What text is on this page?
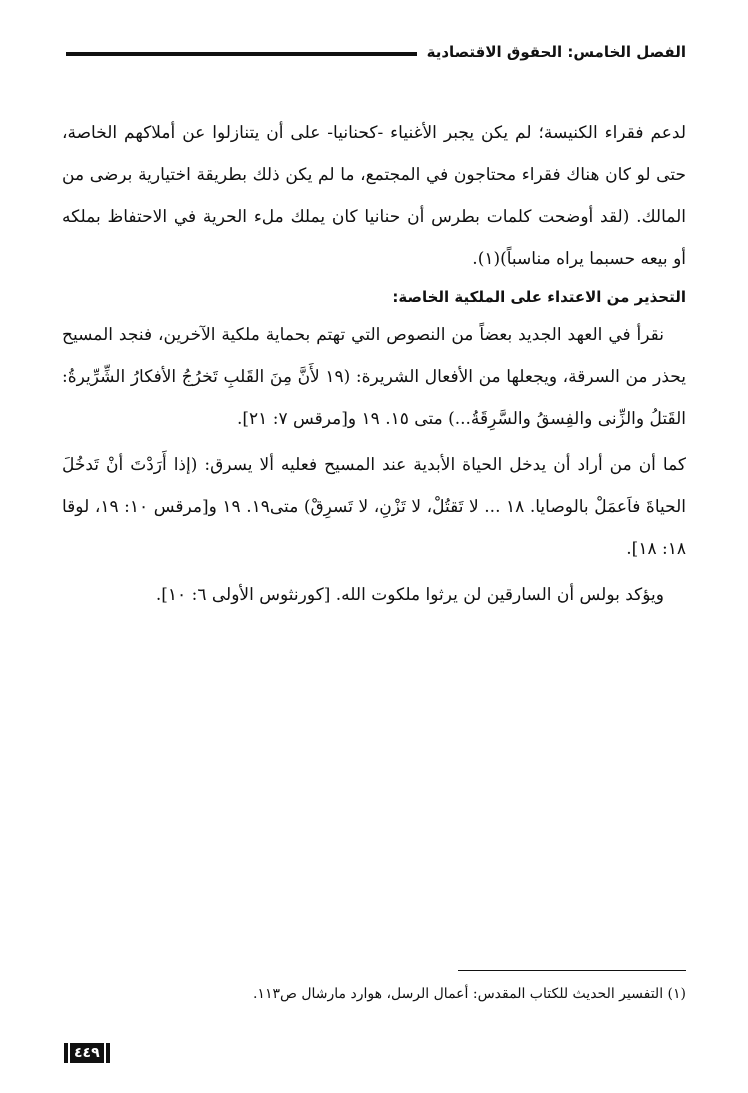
الفصل الخامس: الحقوق الاقتصادية

لدعم فقراء الكنيسة؛ لم يكن يجبر الأغنياء -كحنانيا- على أن يتنازلوا عن أملاكهم الخاصة، حتى لو كان هناك فقراء محتاجون في المجتمع، ما لم يكن ذلك بطريقة اختيارية برضى من المالك. (لقد أوضحت كلمات بطرس أن حنانيا كان يملك ملء الحرية في الاحتفاظ بملكه أو بيعه حسبما يراه مناسباً)(١).

التحذير من الاعتداء على الملكية الخاصة:

نقرأ في العهد الجديد بعضاً من النصوص التي تهتم بحماية ملكية الآخرين، فنجد المسيح يحذر من السرقة، ويجعلها من الأفعال الشريرة: (١٩ لأَنَّ مِنَ القَلبِ تَخرُجُ الأفكارُ الشِّرِّيرةُ: القَتلُ والزِّنى والفِسقُ والسَّرِقَةُ...) متى ١٥. ١٩ و[مرقس ٧: ٢١].

كما أن من أراد أن يدخل الحياة الأبدية عند المسيح فعليه ألا يسرق: (إذا أَرَدْتَ أنْ تَدخُلَ الحياةَ فاَعمَلْ بالوصايا. ١٨ ... لا تَقتُلْ، لا تَزْنِ، لا تَسرِقْ) متى١٩. ١٩ و[مرقس ١٠: ١٩، لوقا ١٨: ١٨].

ويؤكد بولس أن السارقين لن يرثوا ملكوت الله. [كورنثوس الأولى ٦: ١٠].

(١) التفسير الحديث للكتاب المقدس: أعمال الرسل، هوارد مارشال ص١١٣.
٤٤٩
